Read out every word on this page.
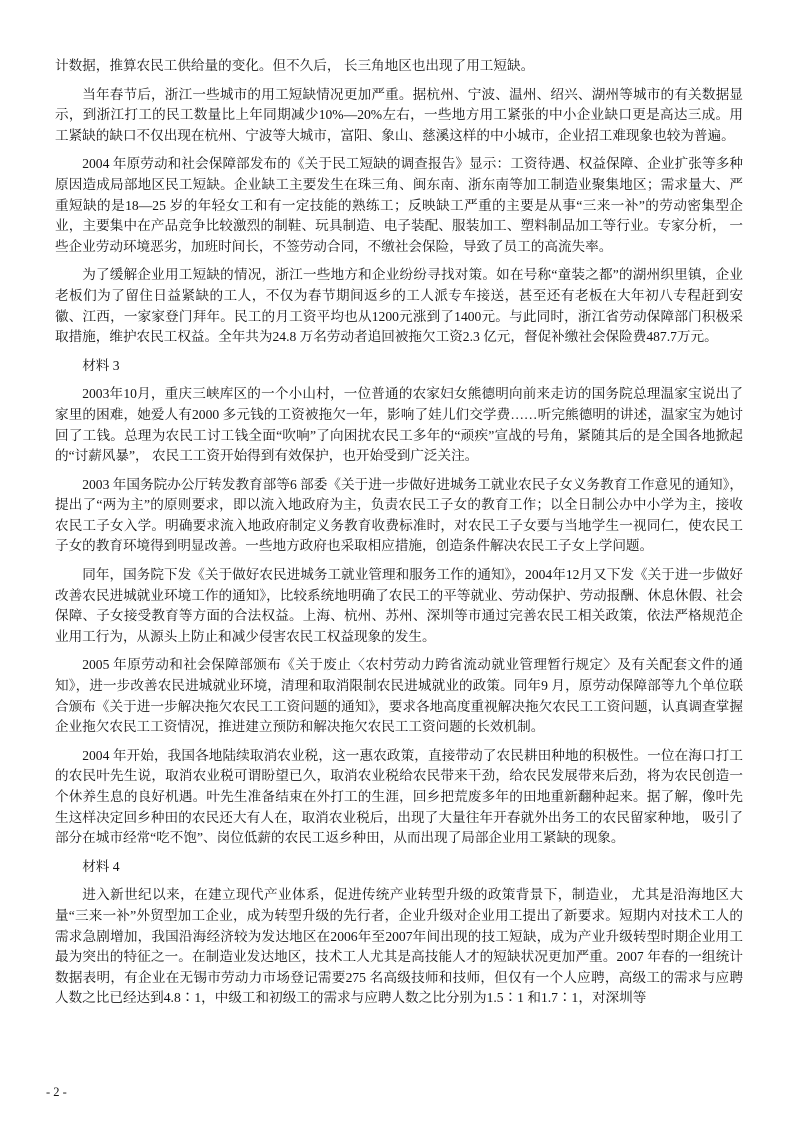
计数据，推算农民工供给量的变化。但不久后， 长三角地区也出现了用工短缺。

当年春节后，浙江一些城市的用工短缺情况更加严重。据杭州、宁波、温州、绍兴、湖州等城市的有关数据显示，到浙江打工的民工数量比上年同期减少10%—20%左右，一些地方用工紧张的中小企业缺口更是高达三成。用工紧缺的缺口不仅出现在杭州、宁波等大城市，富阳、象山、慈溪这样的中小城市，企业招工难现象也较为普遍。

2004 年原劳动和社会保障部发布的《关于民工短缺的调查报告》显示：工资待遇、权益保障、企业扩张等多种原因造成局部地区民工短缺。企业缺工主要发生在珠三角、闽东南、浙东南等加工制造业聚集地区；需求量大、严重短缺的是18—25 岁的年轻女工和有一定技能的熟练工；反映缺工严重的主要是从事“三来一补”的劳动密集型企业，主要集中在产品竞争比较激烈的制鞋、玩具制造、电子装配、服装加工、塑料制品加工等行业。专家分析， 一些企业劳动环境恶劣，加班时间长，不签劳动合同，不缴社会保险，导致了员工的高流失率。

为了缓解企业用工短缺的情况，浙江一些地方和企业纷纷寻找对策。如在号称“童装之都”的湖州织里镇，企业老板们为了留住日益紧缺的工人，不仅为春节期间返乡的工人派专车接送，甚至还有老板在大年初八专程赶到安徽、江西，一家家登门拜年。民工的月工资平均也从1200元涨到了1400元。与此同时，浙江省劳动保障部门积极采取措施，维护农民工权益。全年共为24.8 万名劳动者追回被拖欠工资2.3 亿元，督促补缴社会保险费487.7万元。

材料 3

2003年10月，重庆三峡库区的一个小山村，一位普通的农家妇女熊德明向前来走访的国务院总理温家宝说出了家里的困难，她爱人有2000 多元钱的工资被拖欠一年，影响了娃儿们交学费……听完熊德明的讲述，温家宝为她讨回了工钱。总理为农民工讨工钱全面“吹响”了向困扰农民工多年的“顽疾”宣战的号角，紧随其后的是全国各地掀起的“讨薪风暴”， 农民工工资开始得到有效保护，也开始受到广泛关注。

2003 年国务院办公厅转发教育部等6 部委《关于进一步做好进城务工就业农民子女义务教育工作意见的通知》，提出了“两为主”的原则要求，即以流入地政府为主，负责农民工子女的教育工作；以全日制公办中小学为主，接收农民工子女入学。明确要求流入地政府制定义务教育收费标准时，对农民工子女要与当地学生一视同仁，使农民工子女的教育环境得到明显改善。一些地方政府也采取相应措施，创造条件解决农民工子女上学问题。

同年，国务院下发《关于做好农民进城务工就业管理和服务工作的通知》，2004年12月又下发《关于进一步做好改善农民进城就业环境工作的通知》，比较系统地明确了农民工的平等就业、劳动保护、劳动报酬、休息休假、社会保障、子女接受教育等方面的合法权益。上海、杭州、苏州、深圳等市通过完善农民工相关政策，依法严格规范企业用工行为，从源头上防止和减少侵害农民工权益现象的发生。

2005 年原劳动和社会保障部颁布《关于废止〈农村劳动力跨省流动就业管理暂行规定〉及有关配套文件的通知》，进一步改善农民进城就业环境，清理和取消限制农民进城就业的政策。同年9 月，原劳动保障部等九个单位联合颁布《关于进一步解决拖欠农民工工资问题的通知》，要求各地高度重视解决拖欠农民工工资问题，认真调查掌握企业拖欠农民工工资情况，推进建立预防和解决拖欠农民工工资问题的长效机制。

2004 年开始，我国各地陆续取消农业税，这一惠农政策，直接带动了农民耕田种地的积极性。一位在海口打工的农民叶先生说，取消农业税可谓盼望已久，取消农业税给农民带来干劲，给农民发展带来后劲，将为农民创造一个休养生息的良好机遇。叶先生准备结束在外打工的生涯，回乡把荒废多年的田地重新翻种起来。据了解，像叶先生这样决定回乡种田的农民还大有人在，取消农业税后，出现了大量往年开春就外出务工的农民留家种地， 吸引了部分在城市经常“吃不饱”、岗位低薪的农民工返乡种田，从而出现了局部企业用工紧缺的现象。

材料 4

进入新世纪以来，在建立现代产业体系，促进传统产业转型升级的政策背景下，制造业， 尤其是沿海地区大量“三来一补”外贸型加工企业，成为转型升级的先行者，企业升级对企业用工提出了新要求。短期内对技术工人的需求急剧增加，我国沿海经济较为发达地区在2006年至2007年间出现的技工短缺，成为产业升级转型时期企业用工最为突出的特征之一。在制造业发达地区，技术工人尤其是高技能人才的短缺状况更加严重。2007 年春的一组统计数据表明，有企业在无锡市劳动力市场登记需要275 名高级技师和技师，但仅有一个人应聘，高级工的需求与应聘人数之比已经达到4.8∶1，中级工和初级工的需求与应聘人数之比分别为1.5∶1 和1.7∶1，对深圳等

- 2 -
